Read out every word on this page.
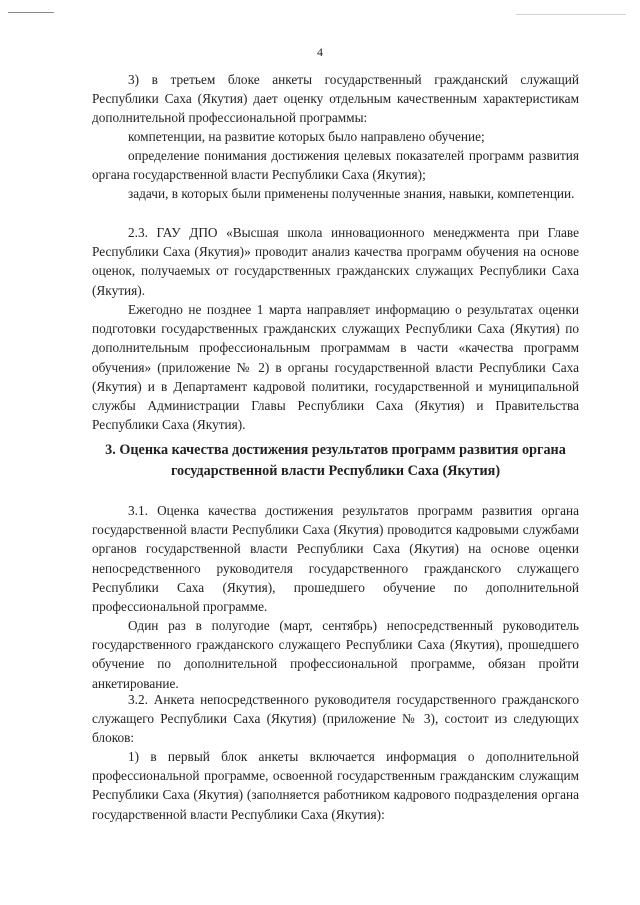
4

3) в третьем блоке анкеты государственный гражданский служащий Республики Саха (Якутия) дает оценку отдельным качественным характеристикам дополнительной профессиональной программы:

компетенции, на развитие которых было направлено обучение;

определение понимания достижения целевых показателей программ развития органа государственной власти Республики Саха (Якутия);

задачи, в которых были применены полученные знания, навыки, компетенции.

2.3. ГАУ ДПО «Высшая школа инновационного менеджмента при Главе Республики Саха (Якутия)» проводит анализ качества программ обучения на основе оценок, получаемых от государственных гражданских служащих Республики Саха (Якутия).

Ежегодно не позднее 1 марта направляет информацию о результатах оценки подготовки государственных гражданских служащих Республики Саха (Якутия) по дополнительным профессиональным программам в части «качества программ обучения» (приложение № 2) в органы государственной власти Республики Саха (Якутия) и в Департамент кадровой политики, государственной и муниципальной службы Администрации Главы Республики Саха (Якутия) и Правительства Республики Саха (Якутия).

3. Оценка качества достижения результатов программ развития органа государственной власти Республики Саха (Якутия)

3.1. Оценка качества достижения результатов программ развития органа государственной власти Республики Саха (Якутия) проводится кадровыми службами органов государственной власти Республики Саха (Якутия) на основе оценки непосредственного руководителя государственного гражданского служащего Республики Саха (Якутия), прошедшего обучение по дополнительной профессиональной программе.

Один раз в полугодие (март, сентябрь) непосредственный руководитель государственного гражданского служащего Республики Саха (Якутия), прошедшего обучение по дополнительной профессиональной программе, обязан пройти анкетирование.

3.2. Анкета непосредственного руководителя государственного гражданского служащего Республики Саха (Якутия) (приложение № 3), состоит из следующих блоков:

1) в первый блок анкеты включается информация о дополнительной профессиональной программе, освоенной государственным гражданским служащим Республики Саха (Якутия) (заполняется работником кадрового подразделения органа государственной власти Республики Саха (Якутия):
